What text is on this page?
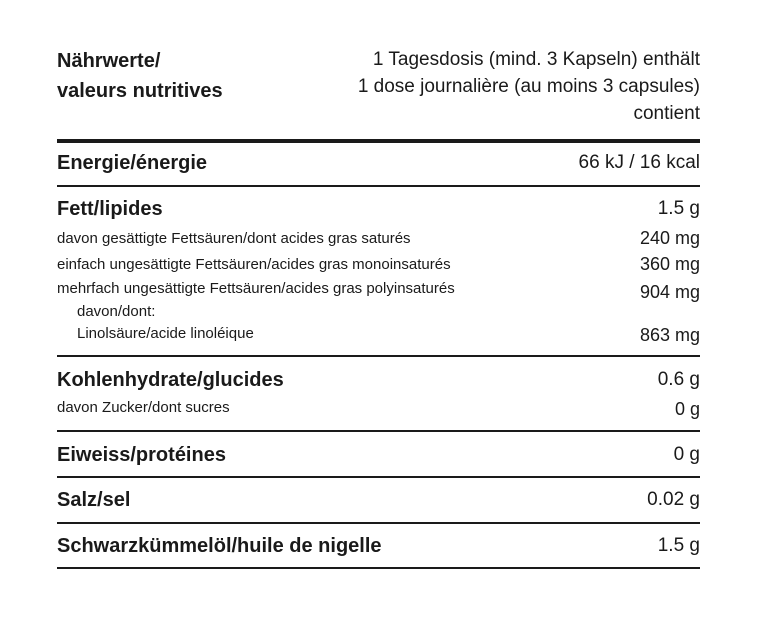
Nährwerte/
valeurs nutritives
1 Tagesdosis (mind. 3 Kapseln) enthält
1 dose journalière (au moins 3 capsules)
contient
Energie/énergie	66 kJ / 16 kcal
Fett/lipides	1.5 g
davon gesättigte Fettsäuren/dont acides gras saturés	240 mg
einfach ungesättigte Fettsäuren/acides gras monoinsaturés	360 mg
mehrfach ungesättigte Fettsäuren/acides gras polyinsaturés	904 mg
davon/dont:
Linolsäure/acide linoléique	863 mg
Kohlenhydrate/glucides	0.6 g
davon Zucker/dont sucres	0 g
Eiweiss/protéines	0 g
Salz/sel	0.02 g
Schwarzkümmelöl/huile de nigelle	1.5 g
